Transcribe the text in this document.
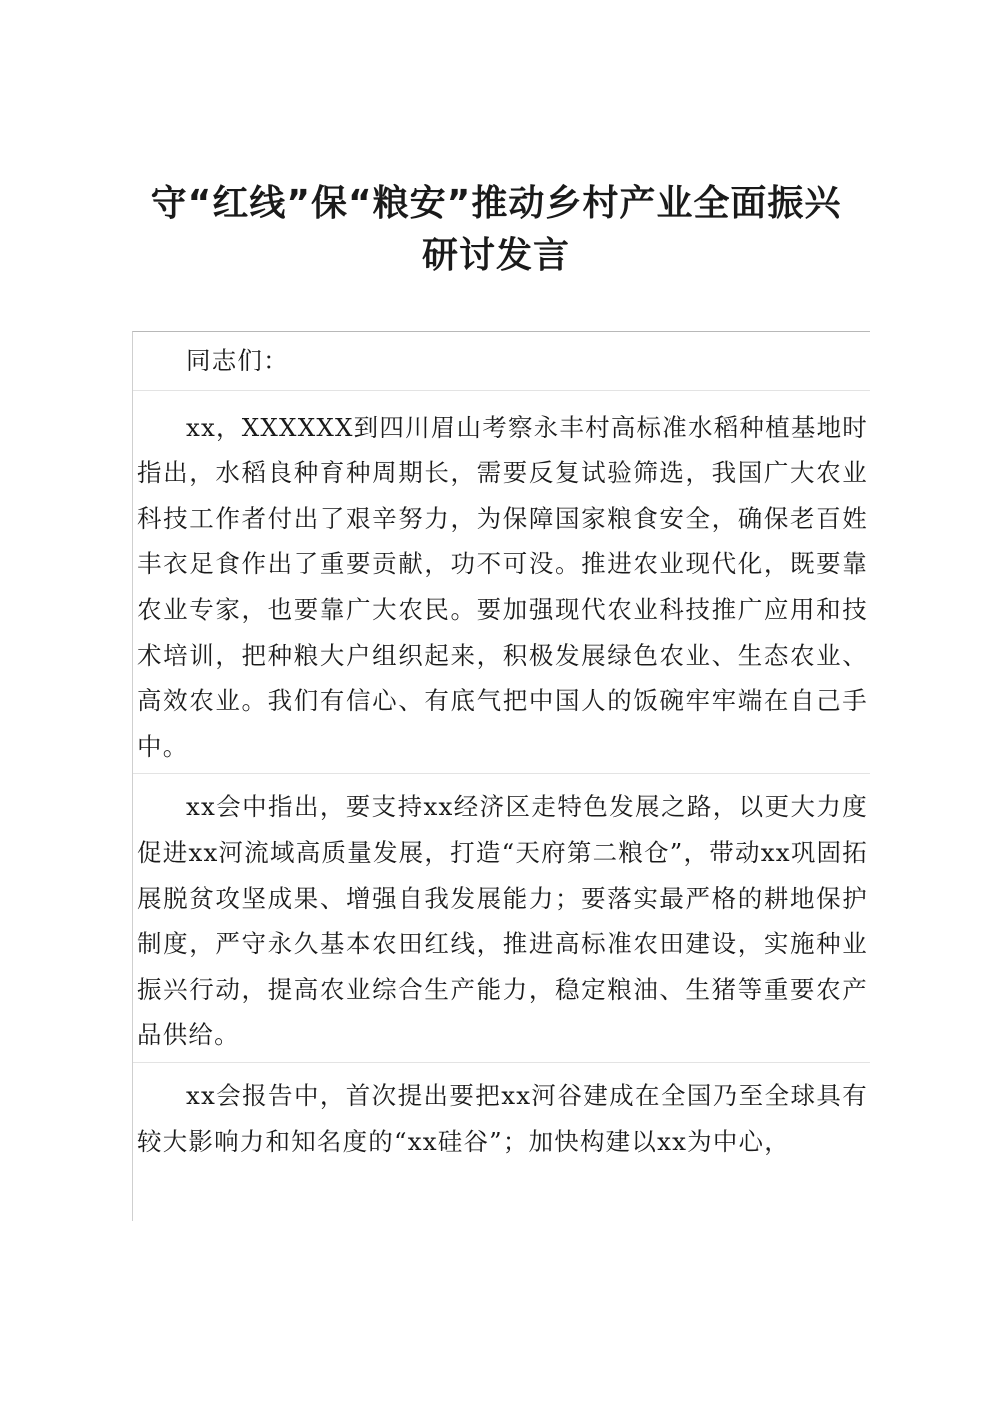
守“红线”保“粮安”推动乡村产业全面振兴
研讨发言

同志们：

xx，XXXXXX到四川眉山考察永丰村高标准水稻种植基地时指出，水稻良种育种周期长，需要反复试验筛选，我国广大农业科技工作者付出了艰辛努力，为保障国家粮食安全，确保老百姓丰衣足食作出了重要贡献，功不可没。推进农业现代化，既要靠农业专家，也要靠广大农民。要加强现代农业科技推广应用和技术培训，把种粮大户组织起来，积极发展绿色农业、生态农业、高效农业。我们有信心、有底气把中国人的饭碗牢牢端在自己手中。

xx会中指出，要支持xx经济区走特色发展之路，以更大力度促进xx河流域高质量发展，打造“天府第二粮仓”，带动xx巩固拓展脱贫攻坚成果、增强自我发展能力；要落实最严格的耕地保护制度，严守永久基本农田红线，推进高标准农田建设，实施种业振兴行动，提高农业综合生产能力，稳定粮油、生猪等重要农产品供给。

xx会报告中，首次提出要把xx河谷建成在全国乃至全球具有较大影响力和知名度的“xx硅谷”；加快构建以xx为中心，
